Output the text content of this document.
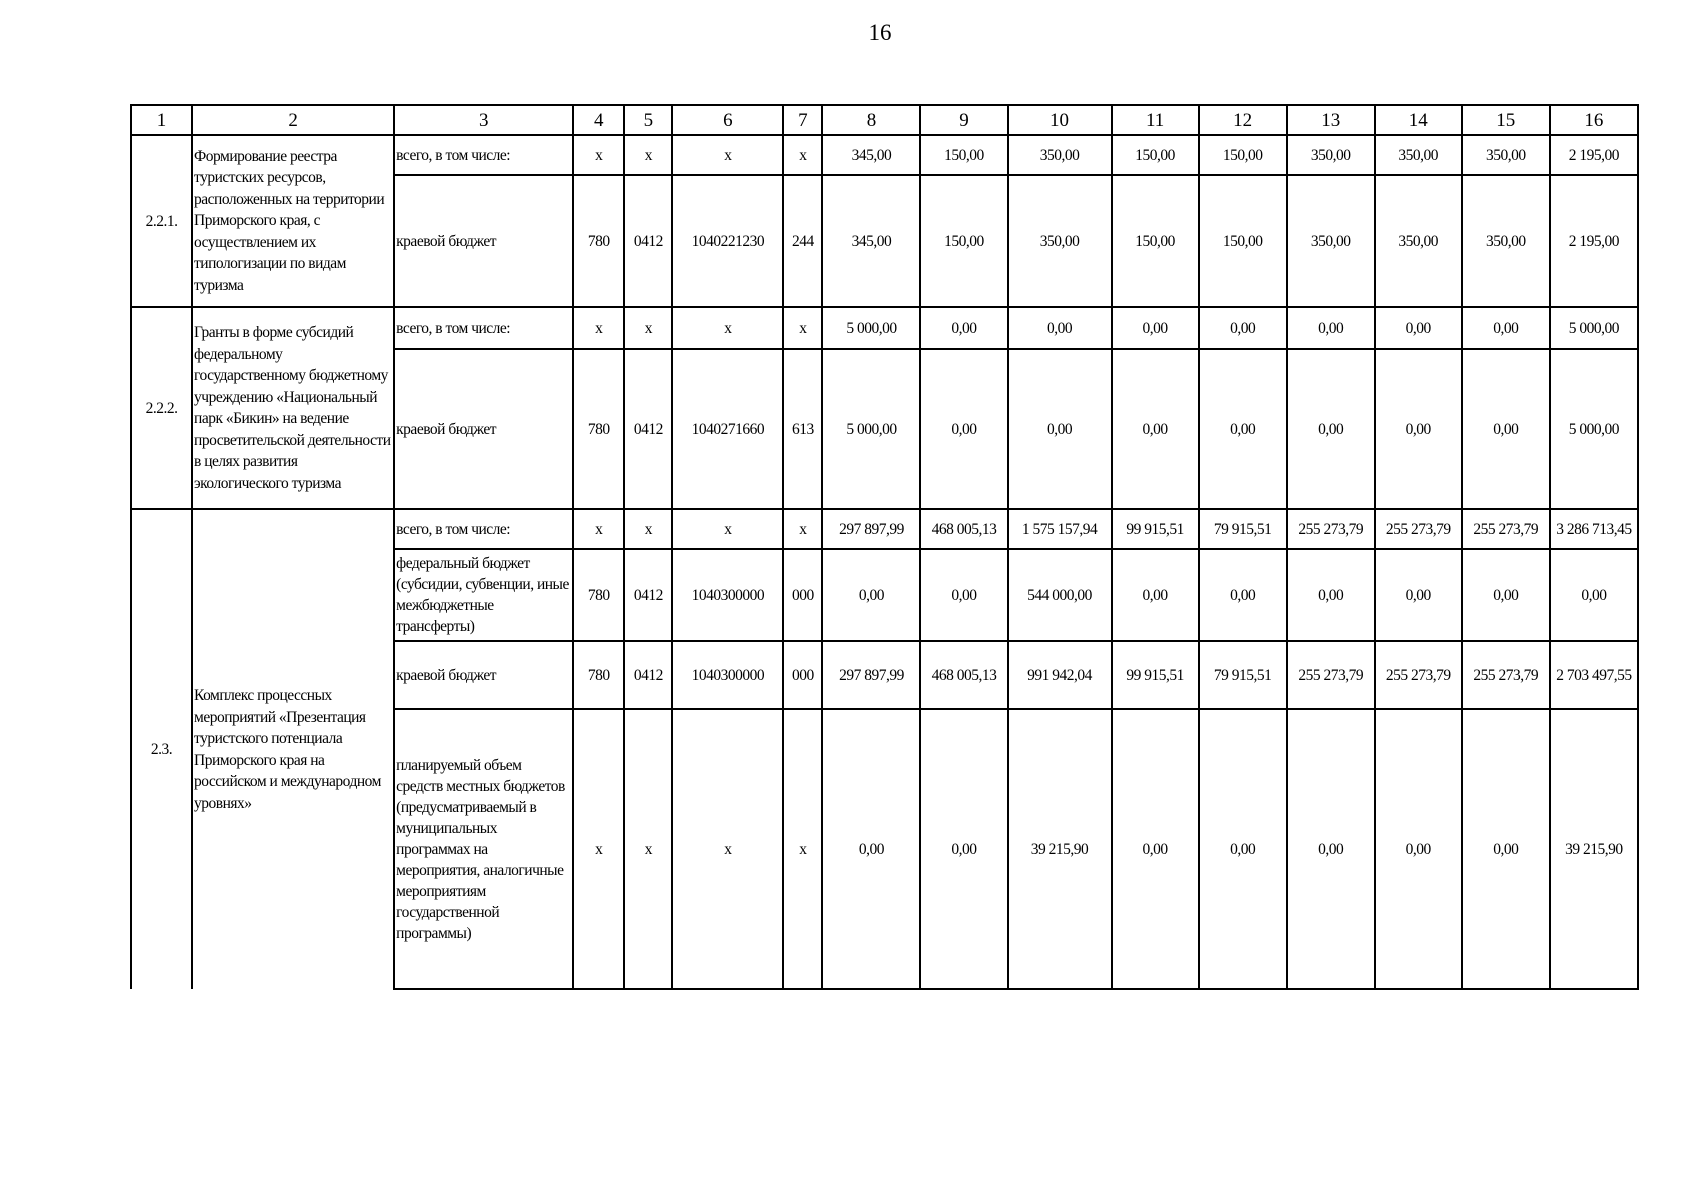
16
1	2	3	4	5	6	7	8	9	10	11	12	13	14	15	16
2.2.1.	Формирование реестра туристских ресурсов, расположенных на территории Приморского края, с осуществлением их типологизации по видам туризма	всего, в том числе:	x	x	x	x	345,00	150,00	350,00	150,00	150,00	350,00	350,00	350,00	2 195,00
		краевой бюджет	780	0412	1040221230	244	345,00	150,00	350,00	150,00	150,00	350,00	350,00	350,00	2 195,00
2.2.2.	Гранты в форме субсидий федеральному государственному бюджетному учреждению «Национальный парк «Бикин» на ведение просветительской деятельности в целях развития экологического туризма	всего, в том числе:	x	x	x	x	5 000,00	0,00	0,00	0,00	0,00	0,00	0,00	0,00	5 000,00
		краевой бюджет	780	0412	1040271660	613	5 000,00	0,00	0,00	0,00	0,00	0,00	0,00	0,00	5 000,00
2.3.	Комплекс процессных мероприятий «Презентация туристского потенциала Приморского края на российском и международном уровнях»	всего, в том числе:	x	x	x	x	297 897,99	468 005,13	1 575 157,94	99 915,51	79 915,51	255 273,79	255 273,79	255 273,79	3 286 713,45
		федеральный бюджет (субсидии, субвенции, иные межбюджетные трансферты)	780	0412	1040300000	000	0,00	0,00	544 000,00	0,00	0,00	0,00	0,00	0,00	0,00
		краевой бюджет	780	0412	1040300000	000	297 897,99	468 005,13	991 942,04	99 915,51	79 915,51	255 273,79	255 273,79	255 273,79	2 703 497,55
		планируемый объем средств местных бюджетов (предусматриваемый в муниципальных программах на мероприятия, аналогичные мероприятиям государственной программы)	x	x	x	x	0,00	0,00	39 215,90	0,00	0,00	0,00	0,00	0,00	39 215,90
